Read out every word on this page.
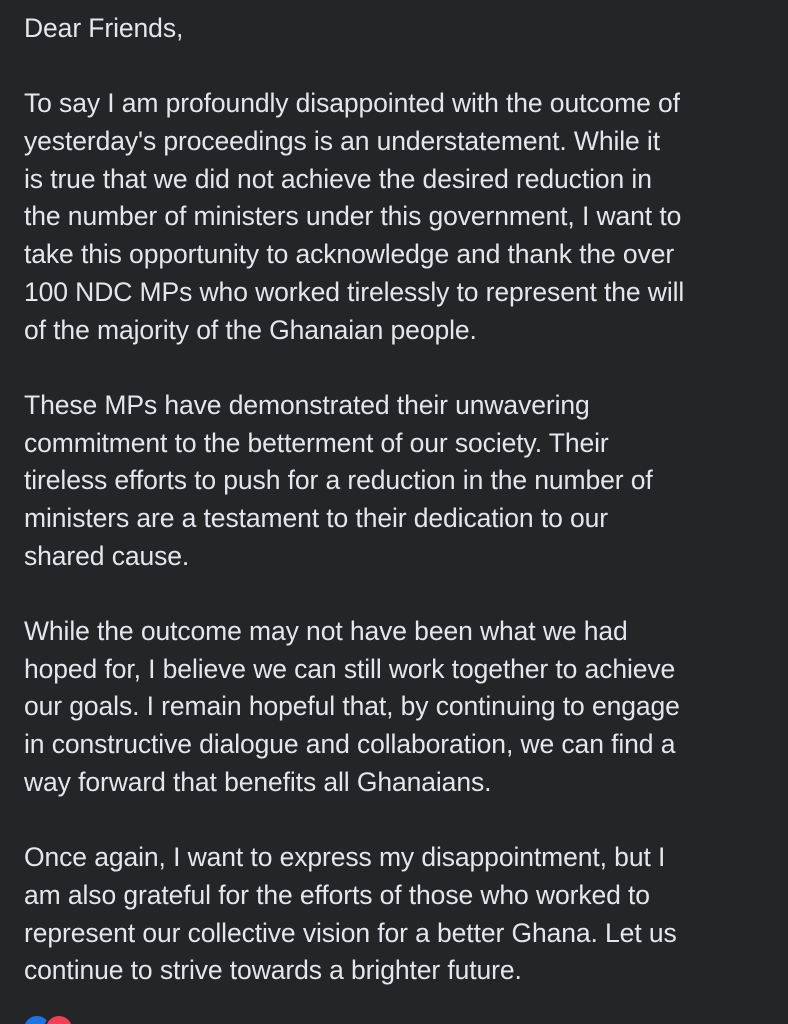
Dear Friends,
To say I am profoundly disappointed with the outcome of
yesterday's proceedings is an understatement. While it
is true that we did not achieve the desired reduction in
the number of ministers under this government, I want to
take this opportunity to acknowledge and thank the over
100 NDC MPs who worked tirelessly to represent the will
of the majority of the Ghanaian people.
These MPs have demonstrated their unwavering
commitment to the betterment of our society. Their
tireless efforts to push for a reduction in the number of
ministers are a testament to their dedication to our
shared cause.
While the outcome may not have been what we had
hoped for, I believe we can still work together to achieve
our goals. I remain hopeful that, by continuing to engage
in constructive dialogue and collaboration, we can find a
way forward that benefits all Ghanaians.
Once again, I want to express my disappointment, but I
am also grateful for the efforts of those who worked to
represent our collective vision for a better Ghana. Let us
continue to strive towards a brighter future.
